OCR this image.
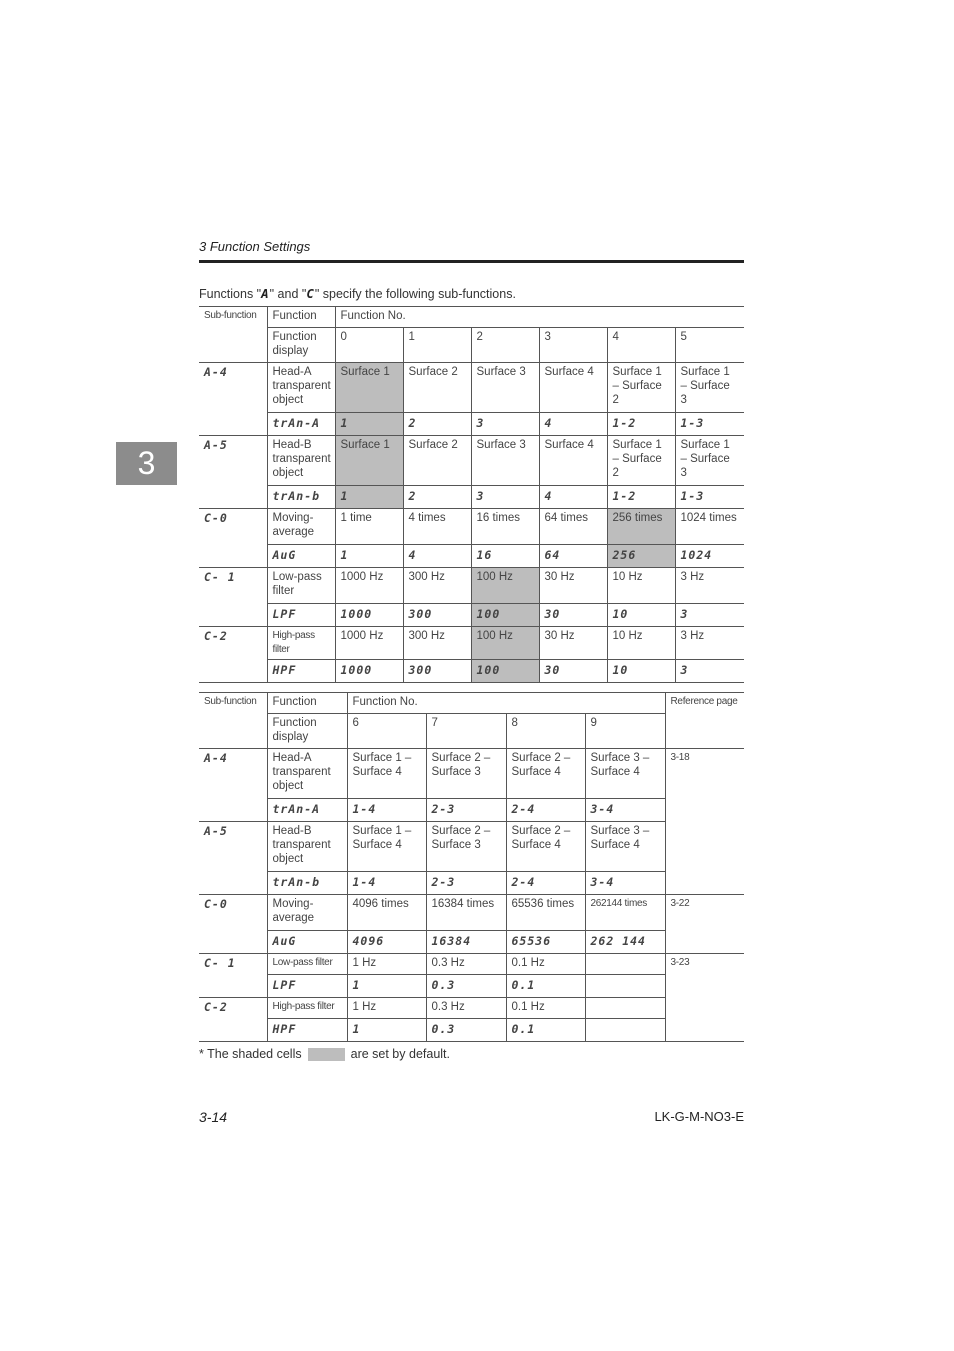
3 Function Settings
3
Functions "A" and "C" specify the following sub-functions.
Sub-function	Function	Function No.					
	Function display	0	1	2	3	4	5
A-4	Head-A transparent object	Surface 1	Surface 2	Surface 3	Surface 4	Surface 1 – Surface 2	Surface 1 – Surface 3
	trAn-A	1	2	3	4	1-2	1-3
A-5	Head-B transparent object	Surface 1	Surface 2	Surface 3	Surface 4	Surface 1 – Surface 2	Surface 1 – Surface 3
	trAn-b	1	2	3	4	1-2	1-3
C-0	Moving-average	1 time	4 times	16 times	64 times	256 times	1024 times
	AuG	1	4	16	64	256	1024
C- 1	Low-pass filter	1000 Hz	300 Hz	100 Hz	30 Hz	10 Hz	3 Hz
	LPF	1000	300	100	30	10	3
C-2	High-pass filter	1000 Hz	300 Hz	100 Hz	30 Hz	10 Hz	3 Hz
	HPF	1000	300	100	30	10	3
Sub-function	Function	Function No.				Reference page
	Function display	6	7	8	9	
A-4	Head-A transparent object	Surface 1 – Surface 4	Surface 2 – Surface 3	Surface 2 – Surface 4	Surface 3 – Surface 4	3-18
	trAn-A	1-4	2-3	2-4	3-4	
A-5	Head-B transparent object	Surface 1 – Surface 4	Surface 2 – Surface 3	Surface 2 – Surface 4	Surface 3 – Surface 4	
	trAn-b	1-4	2-3	2-4	3-4	
C-0	Moving-average	4096 times	16384 times	65536 times	262144 times	3-22
	AuG	4096	16384	65536	262 144	
C- 1	Low-pass filter	1 Hz	0.3 Hz	0.1 Hz		3-23
	LPF	1	0.3	0.1		
C-2	High-pass filter	1 Hz	0.3 Hz	0.1 Hz		
	HPF	1	0.3	0.1		
* The shaded cells	are set by default.
3-14	LK-G-M-NO3-E
